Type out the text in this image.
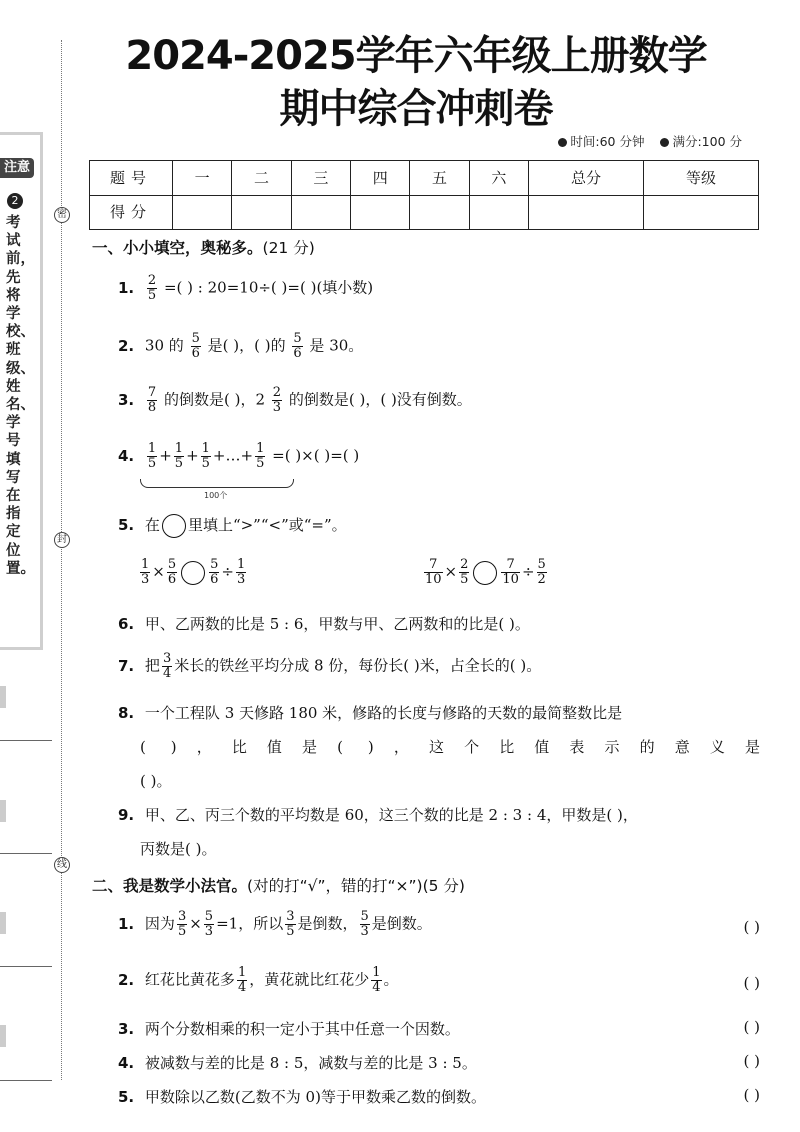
注意
2
考试前，先将学校、班级、姓名、学号填写在指定位置。
密
封
线
2024-2025学年六年级上册数学
期中综合冲刺卷
时间:60 分钟 满分:100 分
题号	一	二	三	四	五	六	总分	等级
得分								
一、小小填空，奥秘多。(21 分)
1. $\frac{2}{5}$ =( ) : 20=10÷( )=( )(填小数)
2. 30 的 $\frac{5}{6}$ 是( )，( )的 $\frac{5}{6}$ 是 30。
3. $\frac{7}{8}$ 的倒数是( )，$2 \frac{2}{3}$ 的倒数是( )，( )没有倒数。
4. $\frac{1}{5} + \frac{1}{5} + \frac{1}{5}$ +…+ $\frac{1}{5}$ =( )×( )=( )
100个
5. 在 里填上“>”“<”或“=”。
$\frac{1}{3} \times \frac{5}{6} \frac{5}{6} \div \frac{1}{3}$	$\frac{7}{10} \times \frac{2}{5} \frac{7}{10} \div \frac{5}{2}$
6. 甲、乙两数的比是 5 : 6，甲数与甲、乙两数和的比是( )。
7. 把 $\frac{3}{4}$ 米长的铁丝平均分成 8 份，每份长( )米，占全长的( )。
8. 一个工程队 3 天修路 180 米，修路的长度与修路的天数的最简整数比是
( )，比值是( )，这个比值表示的意义是
( )。
9. 甲、乙、丙三个数的平均数是 60，这三个数的比是 2 : 3 : 4，甲数是( )，
丙数是( )。
二、我是数学小法官。(对的打“√”，错的打“×”)(5 分)
1. 因为 $\frac{3}{5} \times \frac{5}{3} =1$，所以 $\frac{3}{5}$ 是倒数， $\frac{5}{3}$ 是倒数。	( )
2. 红花比黄花多 $\frac{1}{4}$ ，黄花就比红花少 $\frac{1}{4}$ 。	( )
3. 两个分数相乘的积一定小于其中任意一个因数。	( )
4. 被减数与差的比是 8 : 5，减数与差的比是 3 : 5。	( )
5. 甲数除以乙数(乙数不为 0)等于甲数乘乙数的倒数。	( )
